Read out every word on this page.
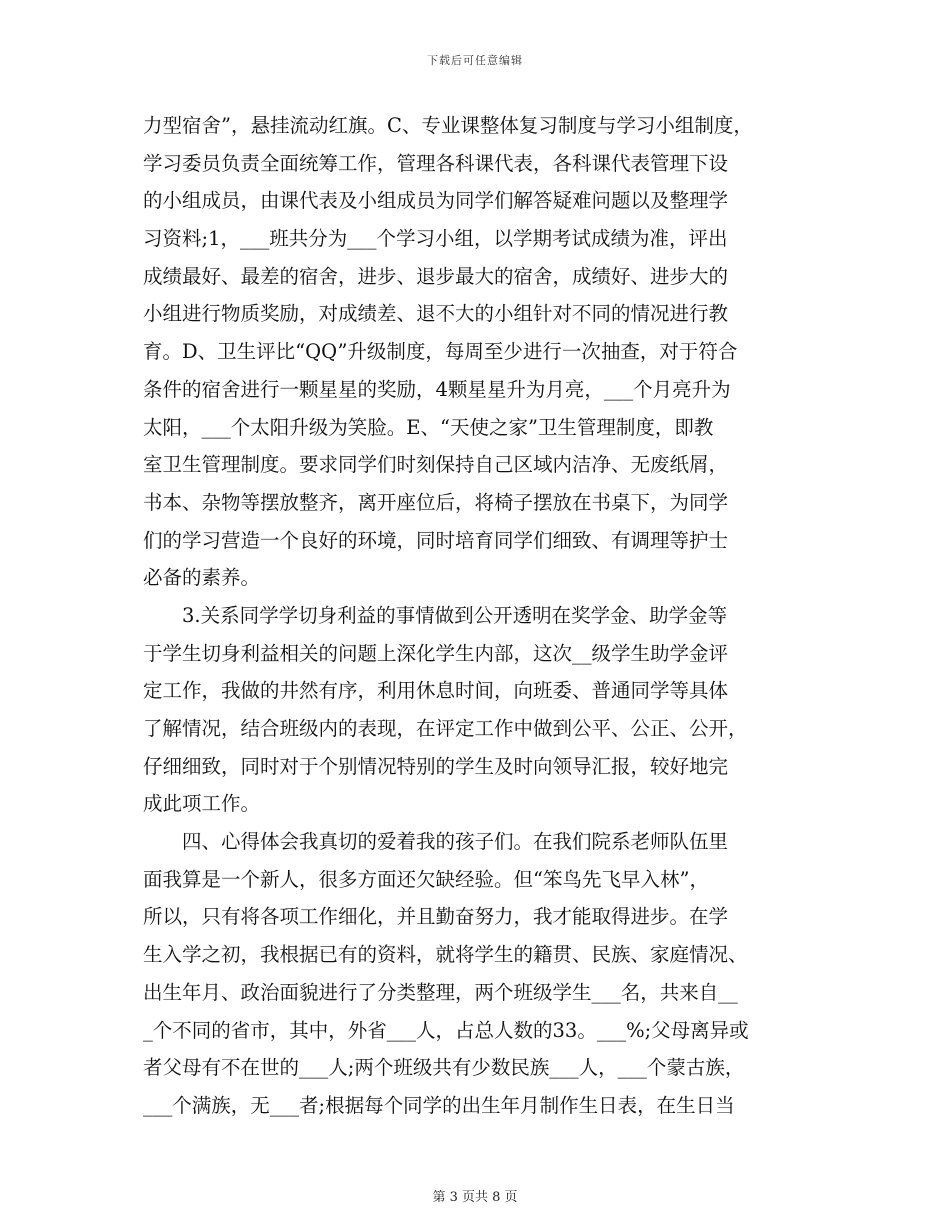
下载后可任意编辑
力型宿舍”，悬挂流动红旗。C、专业课整体复习制度与学习小组制度，
学习委员负责全面统筹工作，管理各科课代表，各科课代表管理下设
的小组成员，由课代表及小组成员为同学们解答疑难问题以及整理学
习资料;1，___班共分为___个学习小组，以学期考试成绩为准，评出
成绩最好、最差的宿舍，进步、退步最大的宿舍，成绩好、进步大的
小组进行物质奖励，对成绩差、退不大的小组针对不同的情况进行教
育。D、卫生评比“QQ”升级制度，每周至少进行一次抽查，对于符合
条件的宿舍进行一颗星星的奖励，4颗星星升为月亮，___个月亮升为
太阳，___个太阳升级为笑脸。E、“天使之家”卫生管理制度，即教
室卫生管理制度。要求同学们时刻保持自己区域内洁净、无废纸屑，
书本、杂物等摆放整齐，离开座位后，将椅子摆放在书桌下，为同学
们的学习营造一个良好的环境，同时培育同学们细致、有调理等护士
必备的素养。
3.关系同学学切身利益的事情做到公开透明在奖学金、助学金等
于学生切身利益相关的问题上深化学生内部，这次__级学生助学金评
定工作，我做的井然有序，利用休息时间，向班委、普通同学等具体
了解情况，结合班级内的表现，在评定工作中做到公平、公正、公开，
仔细细致，同时对于个别情况特别的学生及时向领导汇报，较好地完
成此项工作。
四、心得体会我真切的爱着我的孩子们。在我们院系老师队伍里
面我算是一个新人，很多方面还欠缺经验。但“笨鸟先飞早入林”，
所以，只有将各项工作细化，并且勤奋努力，我才能取得进步。在学
生入学之初，我根据已有的资料，就将学生的籍贯、民族、家庭情况、
出生年月、政治面貌进行了分类整理，两个班级学生___名，共来自__
_个不同的省市，其中，外省___人，占总人数的33。___%;父母离异或
者父母有不在世的___人;两个班级共有少数民族___人，___个蒙古族，
___个满族，无___者;根据每个同学的出生年月制作生日表，在生日当
第 3 页共 8 页
